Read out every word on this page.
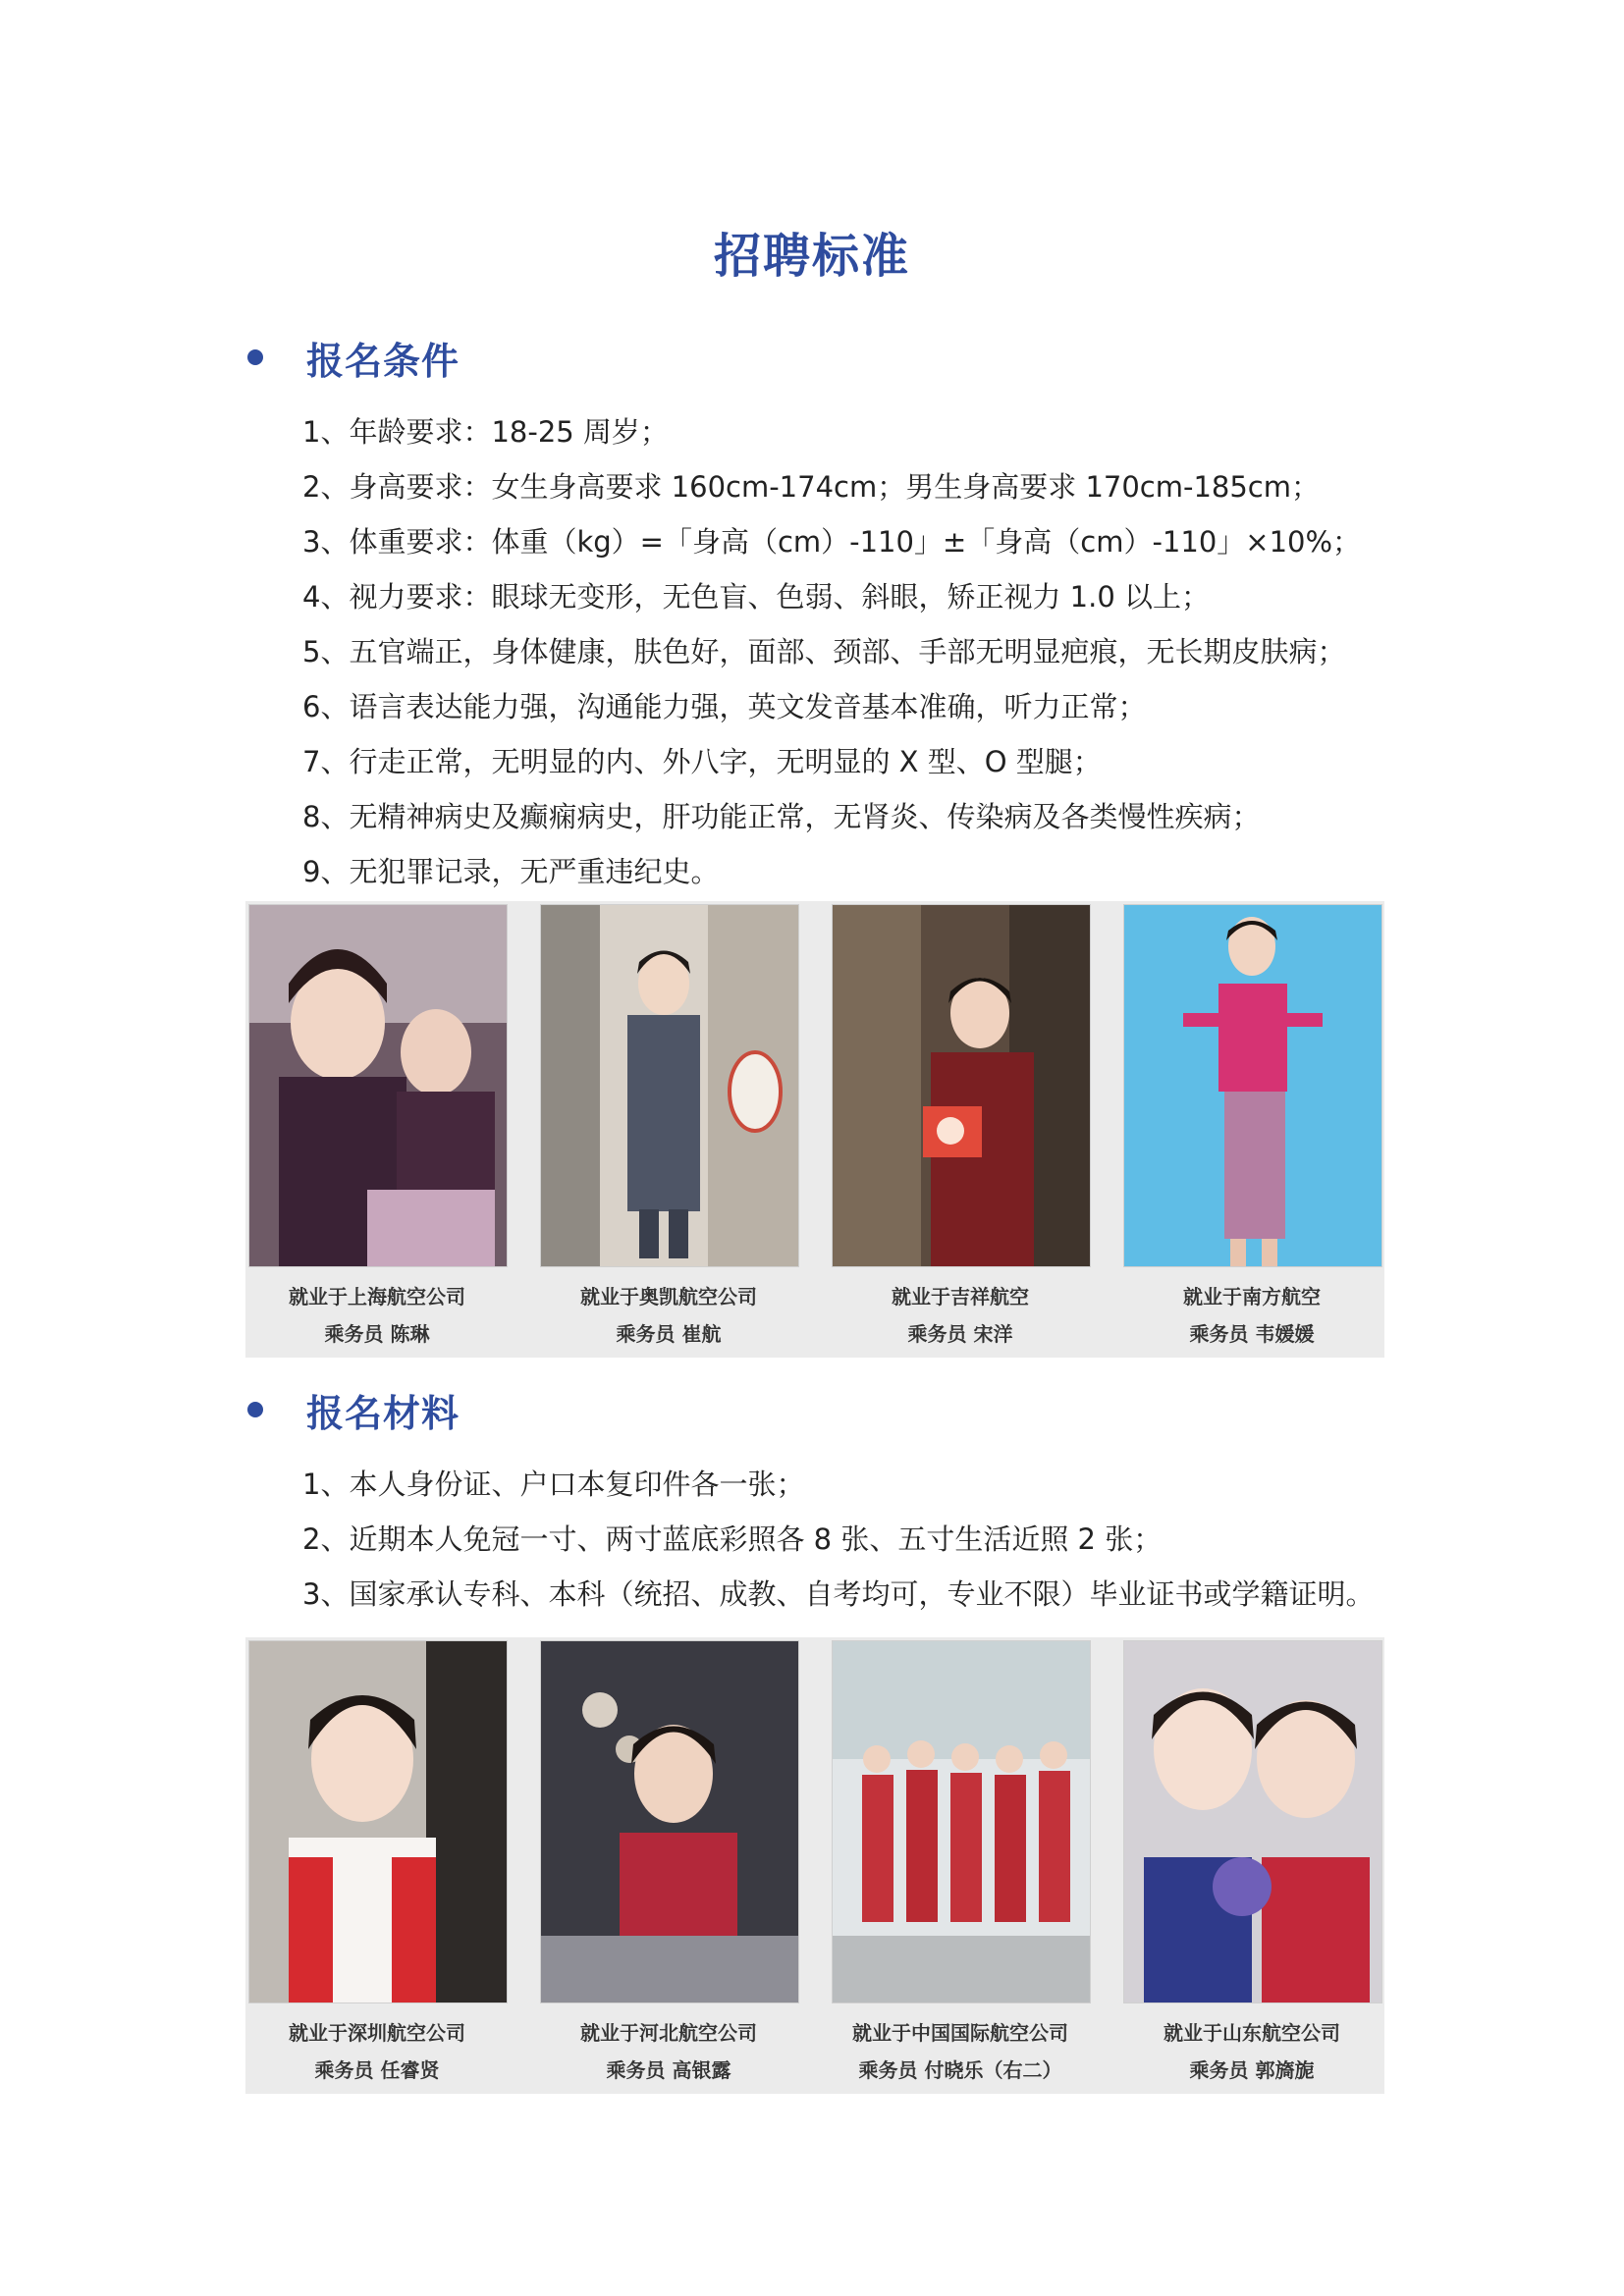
招聘标准
报名条件
1、年龄要求：18-25 周岁；
2、身高要求：女生身高要求 160cm-174cm；男生身高要求 170cm-185cm；
3、体重要求：体重（kg）=「身高（cm）-110」±「身高（cm）-110」×10%；
4、视力要求：眼球无变形，无色盲、色弱、斜眼，矫正视力 1.0 以上；
5、五官端正，身体健康，肤色好，面部、颈部、手部无明显疤痕，无长期皮肤病；
6、语言表达能力强，沟通能力强，英文发音基本准确，听力正常；
7、行走正常，无明显的内、外八字，无明显的 X 型、O 型腿；
8、无精神病史及癫痫病史，肝功能正常，无肾炎、传染病及各类慢性疾病；
9、无犯罪记录，无严重违纪史。
就业于上海航空公司
乘务员 陈琳
就业于奥凯航空公司
乘务员 崔航
就业于吉祥航空
乘务员 宋洋
就业于南方航空
乘务员 韦媛媛
报名材料
1、本人身份证、户口本复印件各一张；
2、近期本人免冠一寸、两寸蓝底彩照各 8 张、五寸生活近照 2 张；
3、国家承认专科、本科（统招、成教、自考均可，专业不限）毕业证书或学籍证明。
就业于深圳航空公司
乘务员 任睿贤
就业于河北航空公司
乘务员 高银露
就业于中国国际航空公司
乘务员 付晓乐（右二）
就业于山东航空公司
乘务员 郭旖旎
